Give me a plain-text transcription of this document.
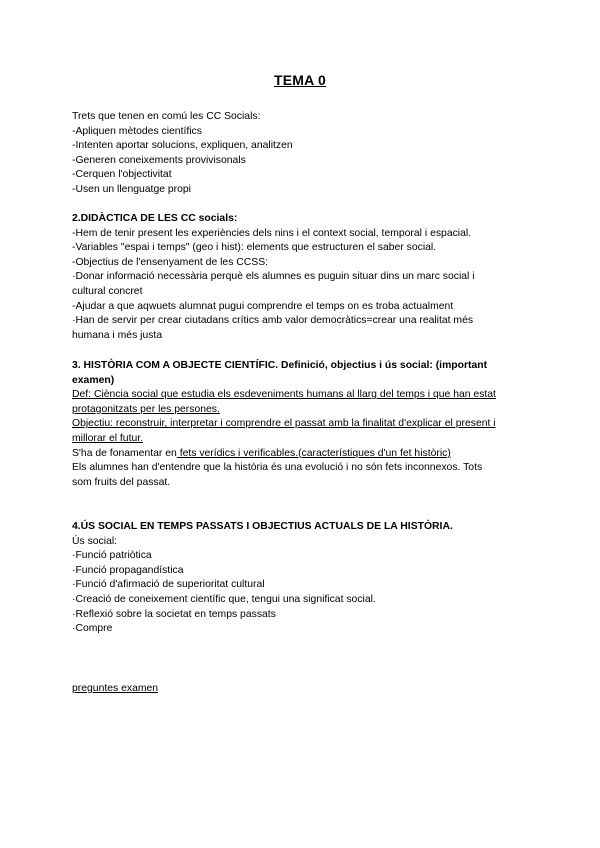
TEMA 0
Trets que tenen en comú les CC Socials:
-Apliquen mètodes científics
-Intenten aportar solucions, expliquen, analitzen
-Generen coneixements provivisonals
-Cerquen l'objectivitat
-Usen un llenguatge propi
2.DIDÀCTICA DE LES CC socials:
-Hem de tenir present les experiències dels nins i el context social, temporal i espacial.
-Variables "espai i temps" (geo i hist): elements que estructuren el saber social.
-Objectius de l'ensenyament de les CCSS:
·Donar informació necessària perquè els alumnes es puguin situar dins un marc social i
cultural concret
-Ajudar a que aqwuets alumnat pugui comprendre el temps on es troba actualment
·Han de servir per crear ciutadans crítics amb valor democràtics=crear una realitat més
humana i més justa
3. HISTÒRIA COM A OBJECTE CIENTÍFIC. Definició, objectius i ús social: (important
examen)
Def: Ciència social que estudia els esdeveniments humans al llarg del temps i que han estat
protagonitzats per les persones.
Objectiu: reconstruir, interpretar i comprendre el passat amb la finalitat d'explicar el present i
millorar el futur.
S'ha de fonamentar en fets verídics i verificables.(característiques d'un fet històric)
Els alumnes han d'entendre que la història és una evolució i no són fets inconnexos. Tots
som fruits del passat.
4.ÚS SOCIAL EN TEMPS PASSATS I OBJECTIUS ACTUALS DE LA HISTÒRIA.
Ús social:
·Funció patriòtica
·Funció propagandística
·Funció d'afirmació de superioritat cultural
·Creació de coneixement científic que, tengui una significat social.
·Reflexió sobre la societat en temps passats
·Compre
preguntes examen
